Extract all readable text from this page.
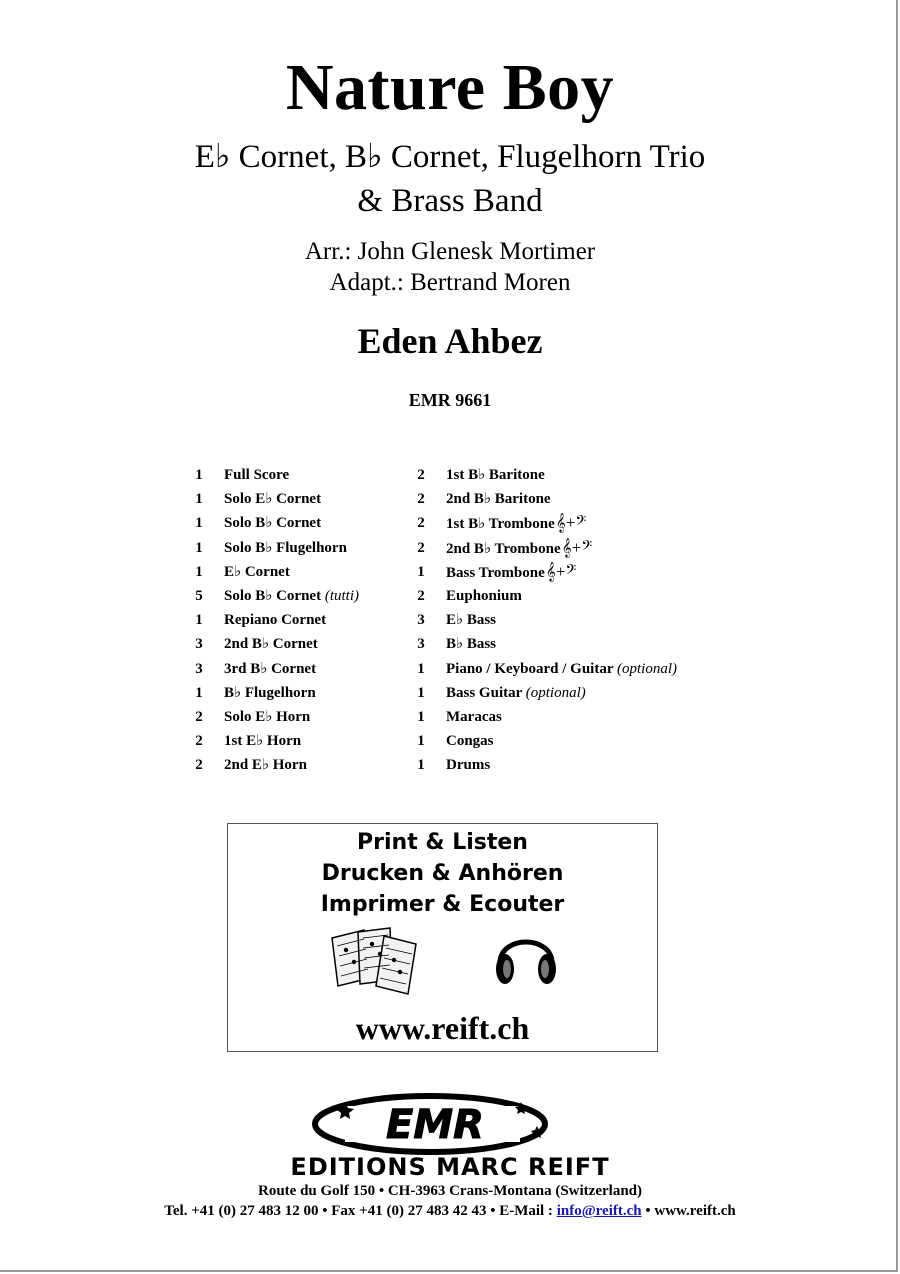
Nature Boy
E♭ Cornet, B♭ Cornet, Flugelhorn Trio
& Brass Band
Arr.: John Glenesk Mortimer
Adapt.: Bertrand Moren
Eden Ahbez
EMR 9661
1 Full Score
1 Solo E♭ Cornet
1 Solo B♭ Cornet
1 Solo B♭ Flugelhorn
1 E♭ Cornet
5 Solo B♭ Cornet (tutti)
1 Repiano Cornet
3 2nd B♭ Cornet
3 3rd B♭ Cornet
1 B♭ Flugelhorn
2 Solo E♭ Horn
2 1st E♭ Horn
2 2nd E♭ Horn
2 1st B♭ Baritone
2 2nd B♭ Baritone
2 1st B♭ Trombone𝄞+𝄢
2 2nd B♭ Trombone𝄞+𝄢
1 Bass Trombone𝄞+𝄢
2 Euphonium
3 E♭ Bass
3 B♭ Bass
1 Piano / Keyboard / Guitar (optional)
1 Bass Guitar (optional)
1 Maracas
1 Congas
1 Drums
Print & Listen
Drucken & Anhören
Imprimer & Ecouter
www.reift.ch
EMR
EDITIONS MARC REIFT
Route du Golf 150 • CH-3963 Crans-Montana (Switzerland)
Tel. +41 (0) 27 483 12 00 • Fax +41 (0) 27 483 42 43 • E-Mail : info@reift.ch • www.reift.ch
